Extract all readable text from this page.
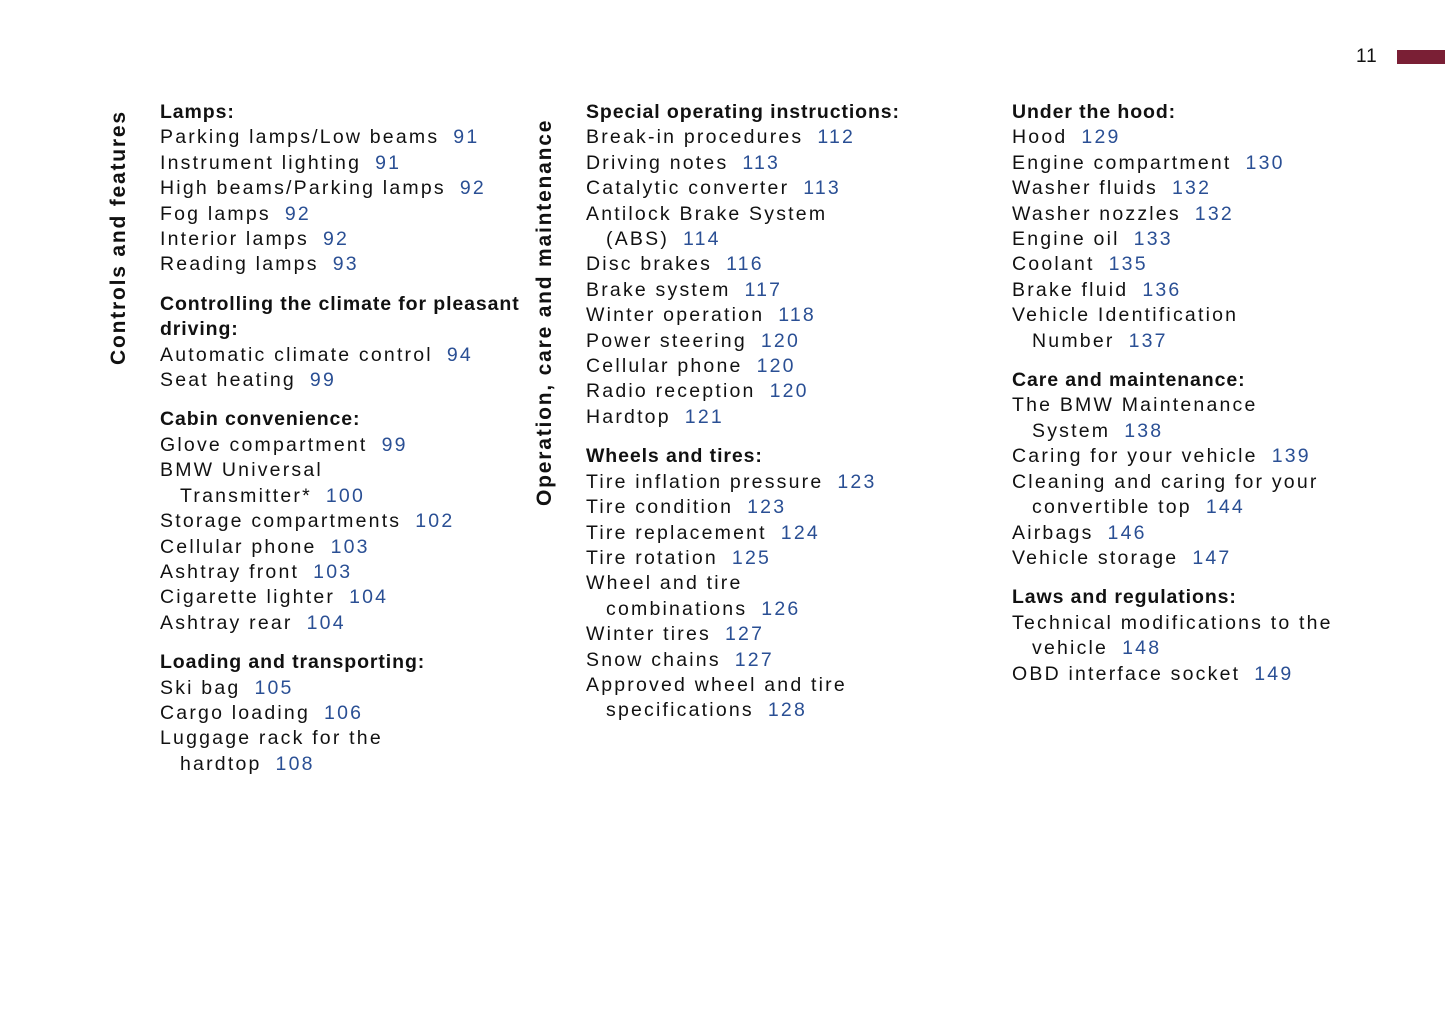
11
Controls and features	Operation, care and maintenance
Lamps:
Parking lamps/Low beams 91
Instrument lighting 91
High beams/Parking lamps 92
Fog lamps 92
Interior lamps 92
Reading lamps 93
Controlling the climate for pleasant driving:
Automatic climate control 94
Seat heating 99
Cabin convenience:
Glove compartment 99
BMW Universal
Transmitter* 100
Storage compartments 102
Cellular phone 103
Ashtray front 103
Cigarette lighter 104
Ashtray rear 104
Loading and transporting:
Ski bag 105
Cargo loading 106
Luggage rack for the
hardtop 108
Special operating instructions:
Break-in procedures 112
Driving notes 113
Catalytic converter 113
Antilock Brake System
(ABS) 114
Disc brakes 116
Brake system 117
Winter operation 118
Power steering 120
Cellular phone 120
Radio reception 120
Hardtop 121
Wheels and tires:
Tire inflation pressure 123
Tire condition 123
Tire replacement 124
Tire rotation 125
Wheel and tire
combinations 126
Winter tires 127
Snow chains 127
Approved wheel and tire
specifications 128
Under the hood:
Hood 129
Engine compartment 130
Washer fluids 132
Washer nozzles 132
Engine oil 133
Coolant 135
Brake fluid 136
Vehicle Identification
Number 137
Care and maintenance:
The BMW Maintenance
System 138
Caring for your vehicle 139
Cleaning and caring for your
convertible top 144
Airbags 146
Vehicle storage 147
Laws and regulations:
Technical modifications to the
vehicle 148
OBD interface socket 149
